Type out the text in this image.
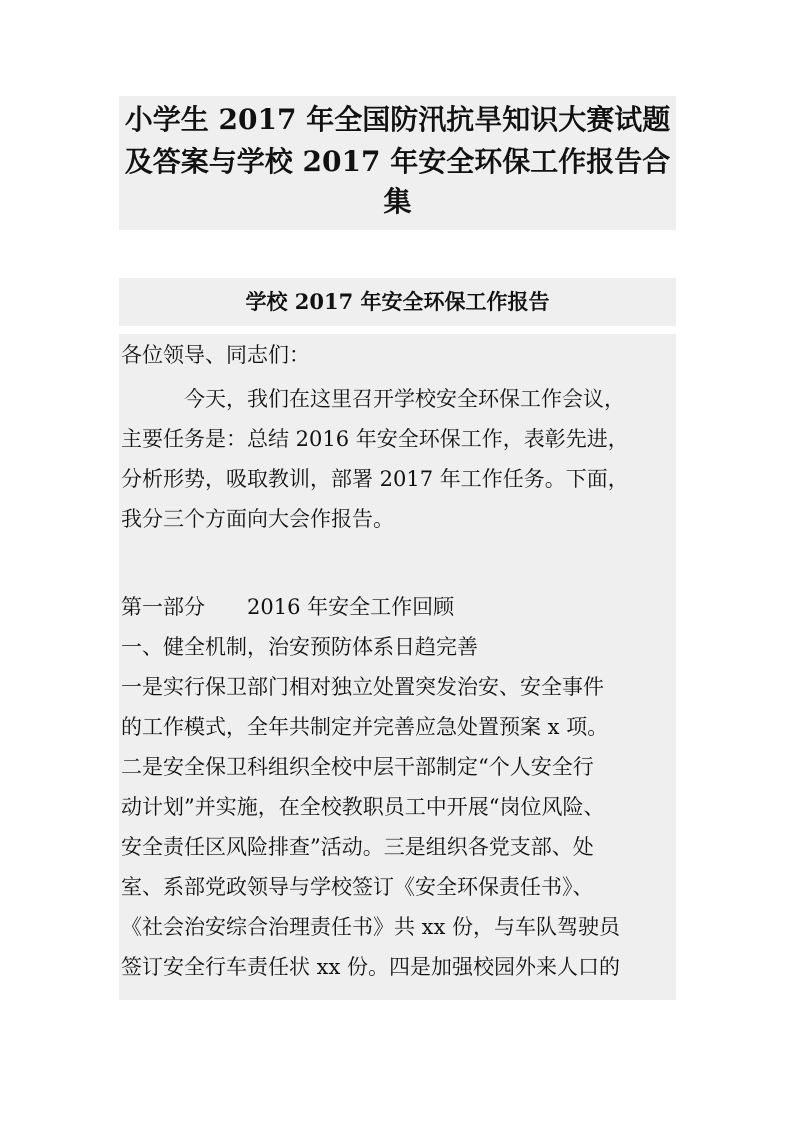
小学生 2017 年全国防汛抗旱知识大赛试题
及答案与学校 2017 年安全环保工作报告合
集
学校 2017 年安全环保工作报告
各位领导、同志们：
　　　今天，我们在这里召开学校安全环保工作会议，
主要任务是：总结 2016 年安全环保工作，表彰先进，
分析形势，吸取教训，部署 2017 年工作任务。下面，
我分三个方面向大会作报告。
第一部分　　2016 年安全工作回顾
一、健全机制，治安预防体系日趋完善
一是实行保卫部门相对独立处置突发治安、安全事件
的工作模式，全年共制定并完善应急处置预案 x 项。
二是安全保卫科组织全校中层干部制定“个人安全行
动计划”并实施，在全校教职员工中开展“岗位风险、
安全责任区风险排查”活动。三是组织各党支部、处
室、系部党政领导与学校签订《安全环保责任书》、
《社会治安综合治理责任书》共 xx 份，与车队驾驶员
签订安全行车责任状 xx 份。四是加强校园外来人口的
